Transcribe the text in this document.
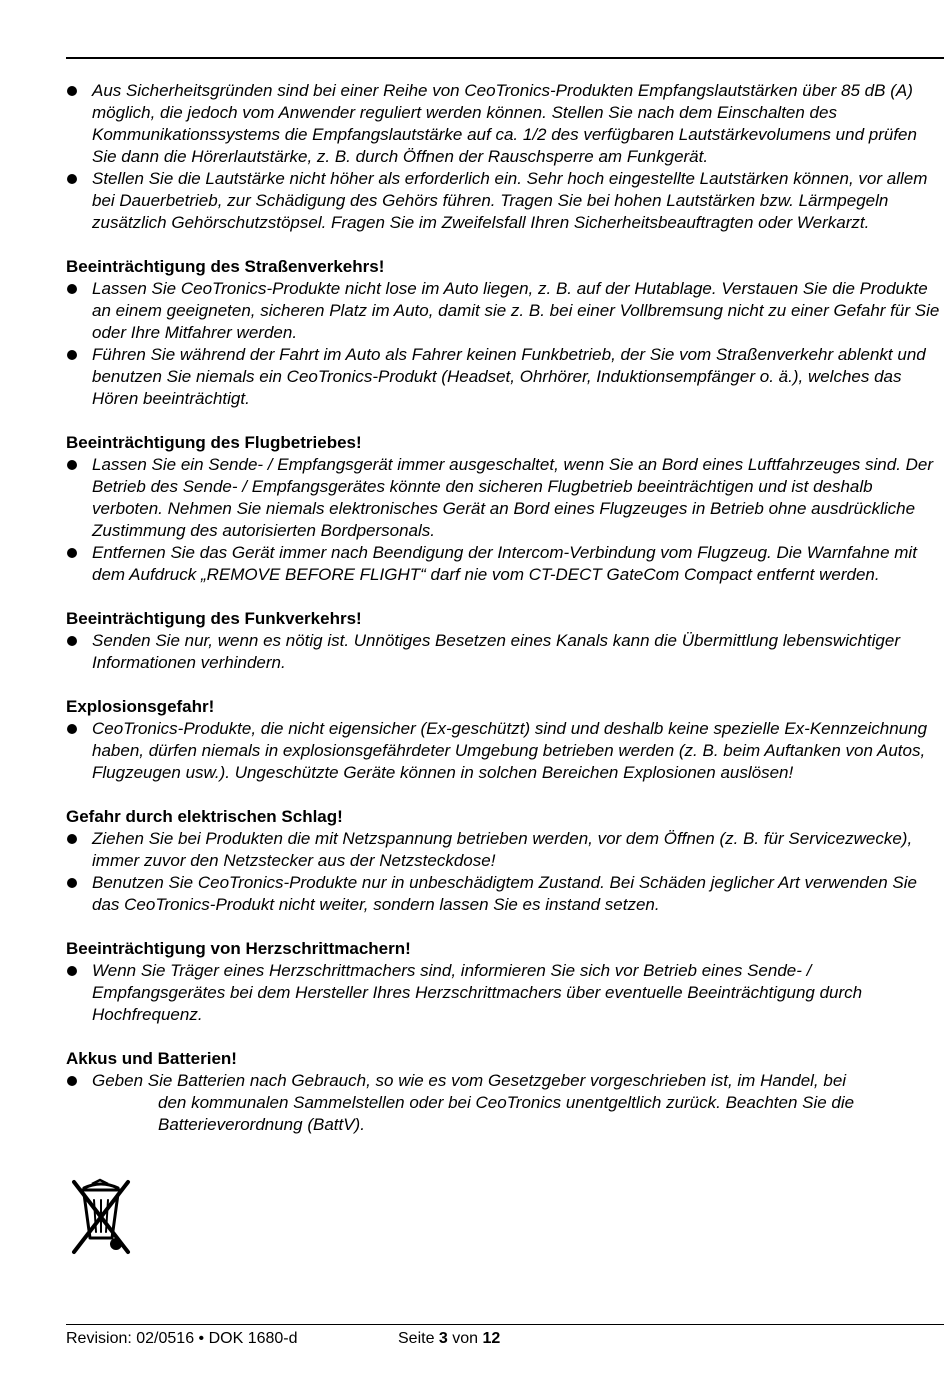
Aus Sicherheitsgründen sind bei einer Reihe von CeoTronics-Produkten Empfangslautstärken über 85 dB (A) möglich, die jedoch vom Anwender reguliert werden können. Stellen Sie nach dem Einschalten des Kommunikationssystems die Empfangslautstärke auf ca. 1/2 des verfügbaren Lautstärkevolumens und prüfen Sie dann die Hörerlautstärke, z. B. durch Öffnen der Rauschsperre am Funkgerät.
Stellen Sie die Lautstärke nicht höher als erforderlich ein. Sehr hoch eingestellte Lautstärken können, vor allem bei Dauerbetrieb, zur Schädigung des Gehörs führen. Tragen Sie bei hohen Lautstärken bzw. Lärmpegeln zusätzlich Gehörschutzstöpsel. Fragen Sie im Zweifelsfall Ihren Sicherheitsbeauftragten oder Werkarzt.
Beeinträchtigung des Straßenverkehrs!
Lassen Sie CeoTronics-Produkte nicht lose im Auto liegen, z. B. auf der Hutablage. Verstauen Sie die Produkte an einem geeigneten, sicheren Platz im Auto, damit sie z. B. bei einer Vollbremsung nicht zu einer Gefahr für Sie oder Ihre Mitfahrer werden.
Führen Sie während der Fahrt im Auto als Fahrer keinen Funkbetrieb, der Sie vom Straßenverkehr ablenkt und benutzen Sie niemals ein CeoTronics-Produkt (Headset, Ohrhörer, Induktionsempfänger o. ä.), welches das Hören beeinträchtigt.
Beeinträchtigung des Flugbetriebes!
Lassen Sie ein Sende- / Empfangsgerät immer ausgeschaltet, wenn Sie an Bord eines Luftfahrzeuges sind. Der Betrieb des Sende- / Empfangsgerätes könnte den sicheren Flugbetrieb beeinträchtigen und ist deshalb verboten. Nehmen Sie niemals elektronisches Gerät an Bord eines Flugzeuges in Betrieb ohne ausdrückliche Zustimmung des autorisierten Bordpersonals.
Entfernen Sie das Gerät immer nach Beendigung der Intercom-Verbindung vom Flugzeug. Die Warnfahne mit dem Aufdruck „REMOVE BEFORE FLIGHT“ darf nie vom CT-DECT GateCom Compact entfernt werden.
Beeinträchtigung des Funkverkehrs!
Senden Sie nur, wenn es nötig ist. Unnötiges Besetzen eines Kanals kann die Übermittlung lebenswichtiger Informationen verhindern.
Explosionsgefahr!
CeoTronics-Produkte, die nicht eigensicher (Ex-geschützt) sind und deshalb keine spezielle Ex-Kennzeichnung haben, dürfen niemals in explosionsgefährdeter Umgebung betrieben werden (z. B. beim Auftanken von Autos, Flugzeugen usw.). Ungeschützte Geräte können in solchen Bereichen Explosionen auslösen!
Gefahr durch elektrischen Schlag!
Ziehen Sie bei Produkten die mit Netzspannung betrieben werden, vor dem Öffnen (z. B. für Servicezwecke), immer zuvor den Netzstecker aus der Netzsteckdose!
Benutzen Sie CeoTronics-Produkte nur in unbeschädigtem Zustand. Bei Schäden jeglicher Art verwenden Sie das CeoTronics-Produkt nicht weiter, sondern lassen Sie es instand setzen.
Beeinträchtigung von Herzschrittmachern!
Wenn Sie Träger eines Herzschrittmachers sind, informieren Sie sich vor Betrieb eines Sende- / Empfangsgerätes bei dem Hersteller Ihres Herzschrittmachers über eventuelle Beeinträchtigung durch Hochfrequenz.
Akkus und Batterien!
Geben Sie Batterien nach Gebrauch, so wie es vom Gesetzgeber vorgeschrieben ist, im Handel, bei
den kommunalen Sammelstellen oder bei CeoTronics unentgeltlich zurück. Beachten Sie die
Batterieverordnung (BattV).
Revision: 02/0516 • DOK 1680-d	Seite 3 von 12
